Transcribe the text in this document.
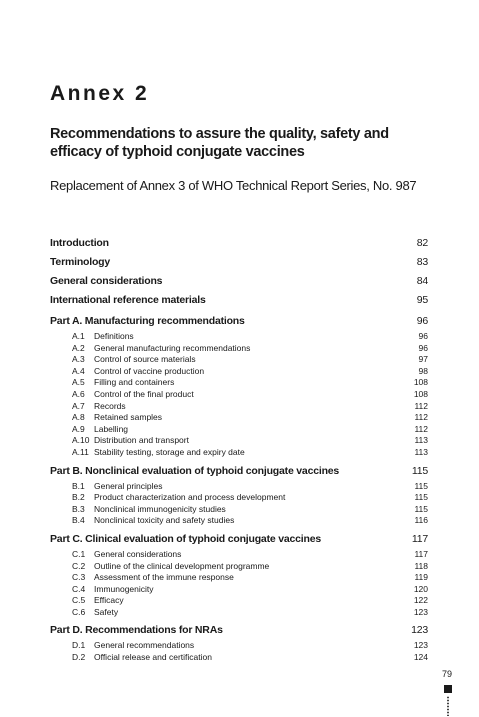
Annex 2
Recommendations to assure the quality, safety and efficacy of typhoid conjugate vaccines

Replacement of Annex 3 of WHO Technical Report Series, No. 987

Introduction	82
Terminology	83
General considerations	84
International reference materials	95
Part A. Manufacturing recommendations	96
A.1 Definitions	96
A.2 General manufacturing recommendations	96
A.3 Control of source materials	97
A.4 Control of vaccine production	98
A.5 Filling and containers	108
A.6 Control of the final product	108
A.7 Records	112
A.8 Retained samples	112
A.9 Labelling	112
A.10 Distribution and transport	113
A.11 Stability testing, storage and expiry date	113
Part B. Nonclinical evaluation of typhoid conjugate vaccines	115
B.1 General principles	115
B.2 Product characterization and process development	115
B.3 Nonclinical immunogenicity studies	115
B.4 Nonclinical toxicity and safety studies	116
Part C. Clinical evaluation of typhoid conjugate vaccines	117
C.1 General considerations	117
C.2 Outline of the clinical development programme	118
C.3 Assessment of the immune response	119
C.4 Immunogenicity	120
C.5 Efficacy	122
C.6 Safety	123
Part D. Recommendations for NRAs	123
D.1 General recommendations	123
D.2 Official release and certification	124

79
